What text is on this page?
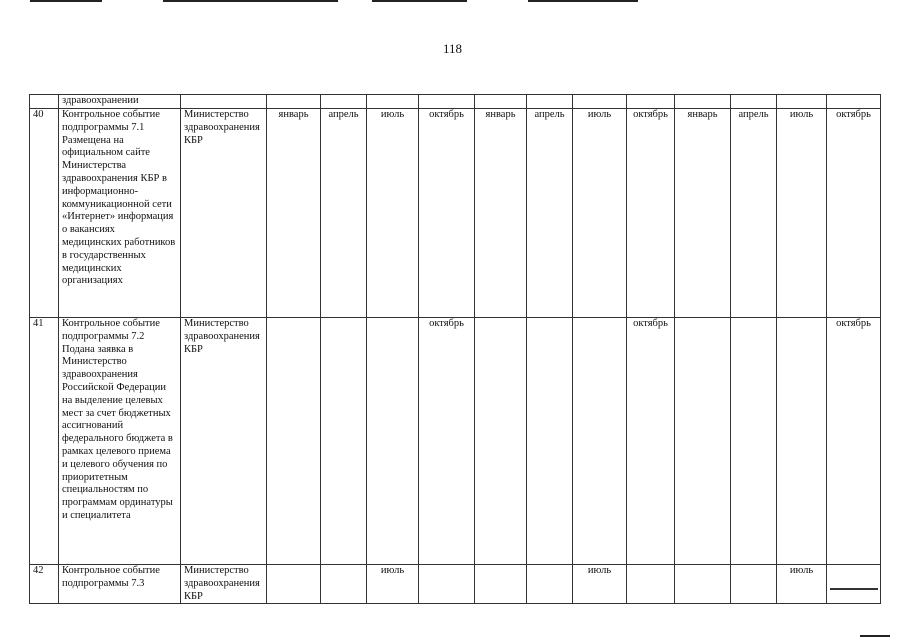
118
	здравоохранении													
40	Контрольное событие подпрограммы 7.1 Размещена на официальном сайте Министерства здравоохранения КБР в информационно-коммуникационной сети «Интернет» информация о вакансиях медицинских работников в государственных медицинских организациях	Министерство здравоохранения КБР	январь	апрель	июль	октябрь	январь	апрель	июль	октябрь	январь	апрель	июль	октябрь
41	Контрольное событие подпрограммы 7.2 Подана заявка в Министерство здравоохранения Российской Федерации на выделение целевых мест за счет бюджетных ассигнований федерального бюджета в рамках целевого приема и целевого обучения по приоритетным специальностям по программам ординатуры и специалитета	Министерство здравоохранения КБР				октябрь				октябрь				октябрь
42	Контрольное событие подпрограммы 7.3	Министерство здравоохранения КБР			июль				июль				июль	
